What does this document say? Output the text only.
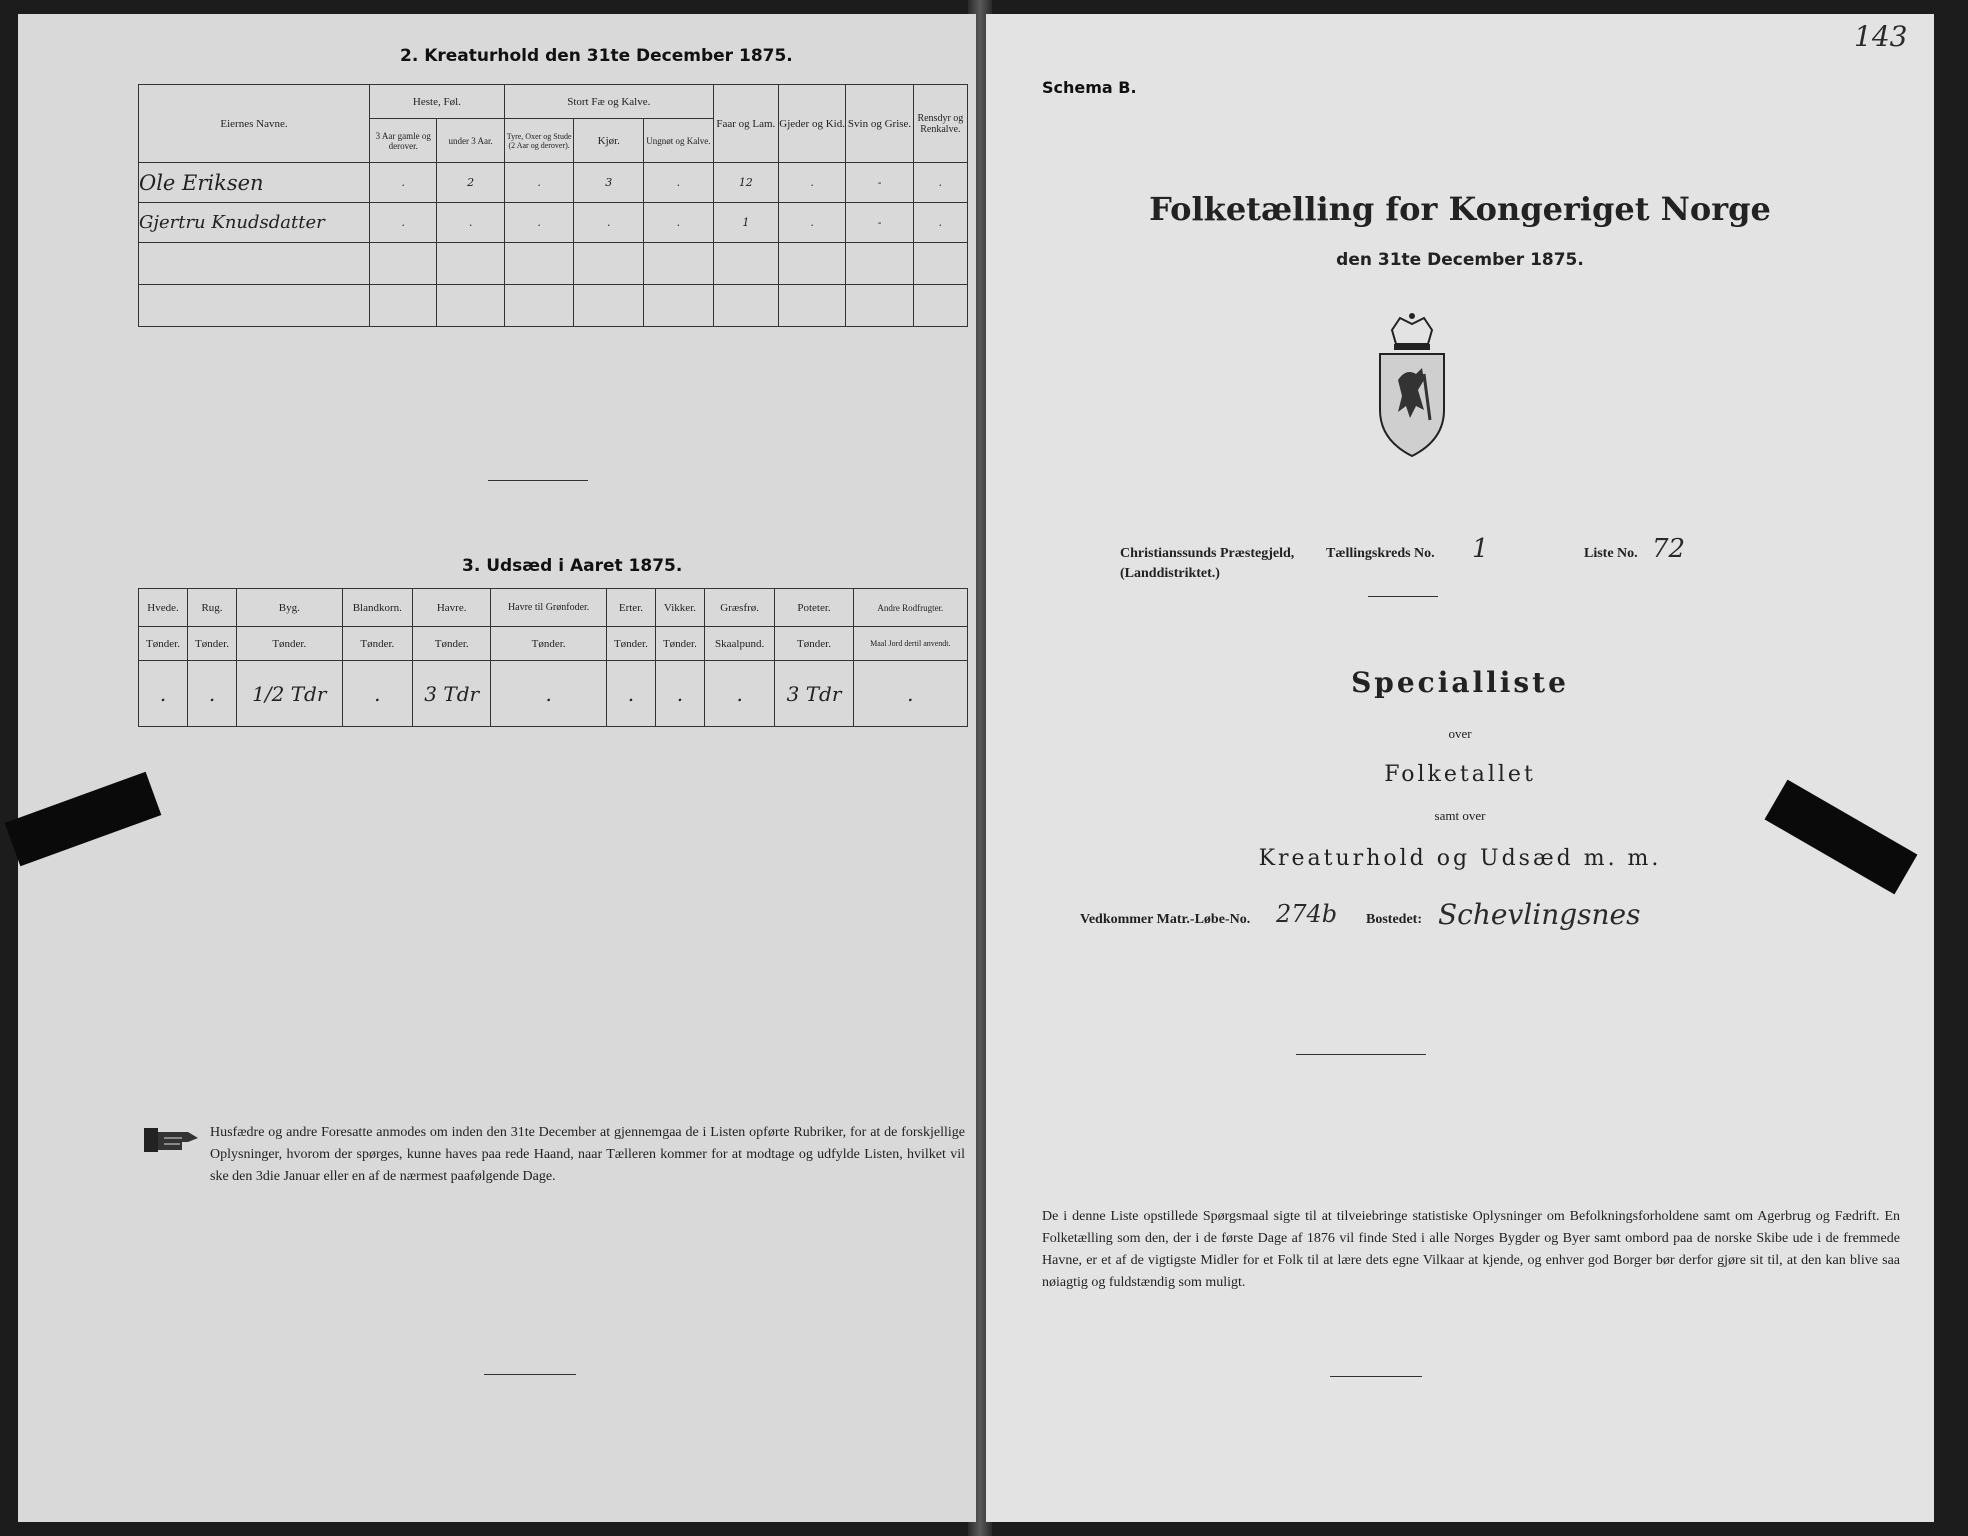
2. Kreaturhold den 31te December 1875.
Eiernes Navne.	Heste, Føl.		Stort Fæ og Kalve.			Faar og Lam.	Gjeder og Kid.	Svin og Grise.	Rensdyr og Renkalve.
	3 Aar gamle og derover.	under 3 Aar.	Tyre, Oxer og Stude (2 Aar og derover).	Kjør.	Ungnøt og Kalve.				
Ole Eriksen	.	2	.	3	.	12	.	-	.
Gjertru Knudsdatter	.	.	.	.	.	1	.	-	.

3. Udsæd i Aaret 1875.
Hvede.	Rug.	Byg.	Blandkorn.	Havre.	Havre til Grønfoder.	Erter.	Vikker.	Græsfrø.	Poteter.	Andre Rodfrugter.
Tønder.	Tønder.	Tønder.	Tønder.	Tønder.	Tønder.	Tønder.	Tønder.	Skaalpund.	Tønder.	Maal Jord dertil anvendt.
.	.	1/2 Tdr	.	3 Tdr	.	.	.	.	3 Tdr	.
Husfædre og andre Foresatte anmodes om inden den 31te December at gjennemgaa de i Listen opførte Rubriker, for at de forskjellige Oplysninger, hvorom der spørges, kunne haves paa rede Haand, naar Tælleren kommer for at modtage og udfylde Listen, hvilket vil ske den 3die Januar eller en af de nærmest paafølgende Dage.
143
Schema B.
Folketælling for Kongeriget Norge
den 31te December 1875.
Christianssunds Præstegjeld,
(Landdistriktet.)
Tællingskreds No. 1	Liste No. 72
Specialliste
over
Folketallet
samt over
Kreaturhold og Udsæd m. m.
Vedkommer Matr.-Løbe-No. 274b Bostedet: Schevlingsnes
De i denne Liste opstillede Spørgsmaal sigte til at tilveiebringe statistiske Oplysninger om Befolkningsforholdene samt om Agerbrug og Fædrift. En Folketælling som den, der i de første Dage af 1876 vil finde Sted i alle Norges Bygder og Byer samt ombord paa de norske Skibe ude i de fremmede Havne, er et af de vigtigste Midler for et Folk til at lære dets egne Vilkaar at kjende, og enhver god Borger bør derfor gjøre sit til, at den kan blive saa nøiagtig og fuldstændig som muligt.
